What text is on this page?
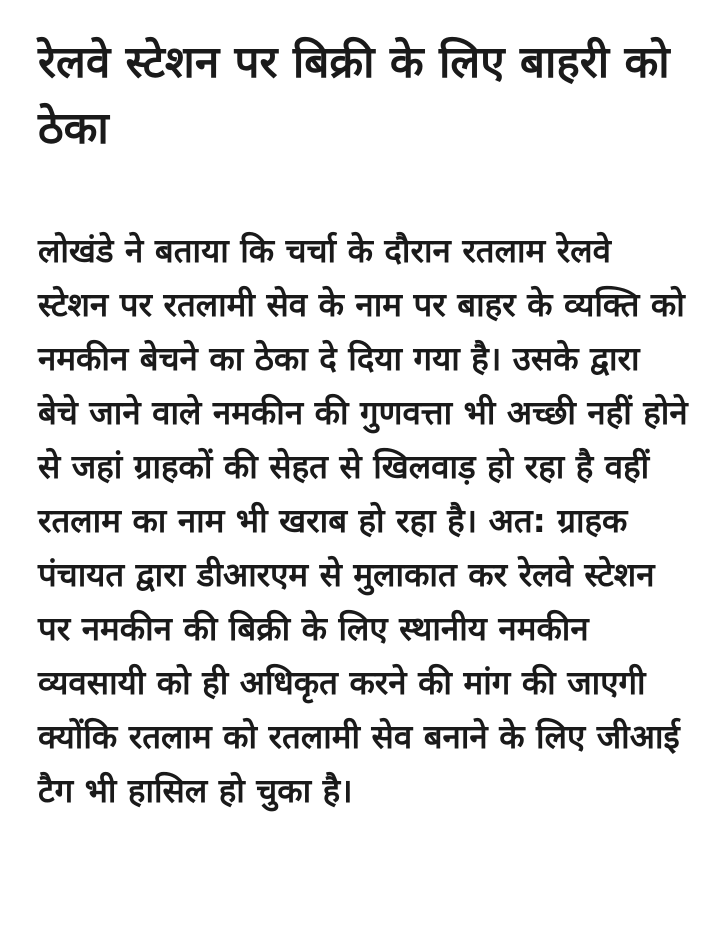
रेलवे स्टेशन पर बिक्री के लिए बाहरी को ठेका

लोखंडे ने बताया कि चर्चा के दौरान रतलाम रेलवे स्टेशन पर रतलामी सेव के नाम पर बाहर के व्यक्ति को नमकीन बेचने का ठेका दे दिया गया है। उसके द्वारा बेचे जाने वाले नमकीन की गुणवत्ता भी अच्छी नहीं होने से जहां ग्राहकों की सेहत से खिलवाड़ हो रहा है वहीं रतलाम का नाम भी खराब हो रहा है। अत: ग्राहक पंचायत द्वारा डीआरएम से मुलाकात कर रेलवे स्टेशन पर नमकीन की बिक्री के लिए स्थानीय नमकीन व्यवसायी को ही अधिकृत करने की मांग की जाएगी क्योंकि रतलाम को रतलामी सेव बनाने के लिए जीआई टैग भी हासिल हो चुका है।
